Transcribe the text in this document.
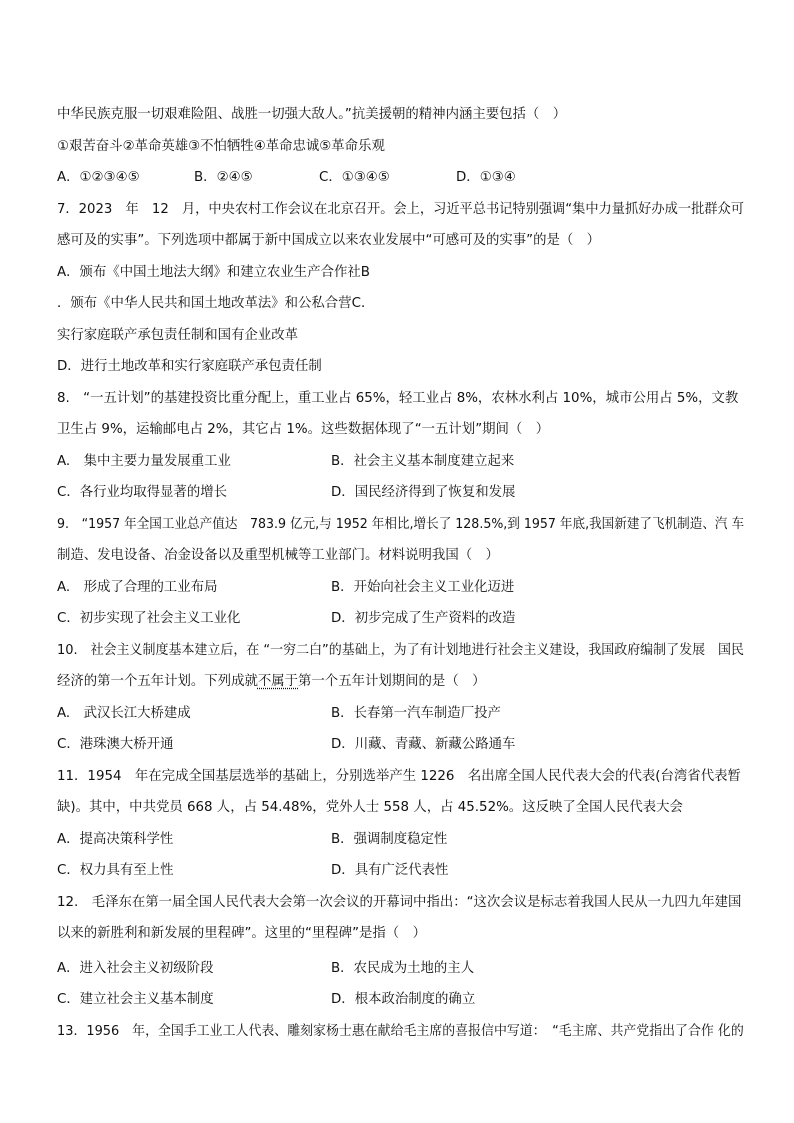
中华民族克服一切艰难险阻、战胜一切强大敌人。”抗美援朝的精神内涵主要包括（　）
①艰苦奋斗②革命英雄③不怕牺牲④革命忠诚⑤革命乐观
A．①②③④⑤	B．②④⑤	C．①③④⑤	D．①③④
7．2023　年　12　月，中央农村工作会议在北京召开。会上，习近平总书记特别强调“集中力量抓好办成一批群众可
感可及的实事”。下列选项中都属于新中国成立以来农业发展中“可感可及的实事”的是（　）
A．颁布《中国土地法大纲》和建立农业生产合作社B
．颁布《中华人民共和国土地改革法》和公私合营C．
实行家庭联产承包责任制和国有企业改革
D．进行土地改革和实行家庭联产承包责任制
8.　“一五计划”的基建投资比重分配上，重工业占 65%，轻工业占 8%，农林水利占 10%，城市公用占 5%，文教
卫生占 9%，运输邮电占 2%，其它占 1%。这些数据体现了“一五计划”期间（　）
A.　集中主要力量发展重工业	B．社会主义基本制度建立起来
C．各行业均取得显著的增长	D．国民经济得到了恢复和发展
9.　“1957 年全国工业总产值达　783.9 亿元,与 1952 年相比,增长了 128.5%,到 1957 年底,我国新建了飞机制造、汽 车
制造、发电设备、冶金设备以及重型机械等工业部门。材料说明我国（　）
A.　形成了合理的工业布局	B．开始向社会主义工业化迈进
C．初步实现了社会主义工业化	D．初步完成了生产资料的改造
10.　社会主义制度基本建立后，在 “一穷二白”的基础上，为了有计划地进行社会主义建设，我国政府编制了发展　国民
经济的第一个五年计划。下列成就不属于第一个五年计划期间的是（　）
A.　武汉长江大桥建成	B．长春第一汽车制造厂投产
C．港珠澳大桥开通	D．川藏、青藏、新藏公路通车
11．1954　年在完成全国基层选举的基础上，分别选举产生 1226　名出席全国人民代表大会的代表(台湾省代表暂
缺)。其中，中共党员 668 人，占 54.48%，党外人士 558 人，占 45.52%。这反映了全国人民代表大会
A．提高决策科学性	B．强调制度稳定性
C．权力具有至上性	D．具有广泛代表性
12.　毛泽东在第一届全国人民代表大会第一次会议的开幕词中指出：“这次会议是标志着我国人民从一九四九年建国
以来的新胜利和新发展的里程碑”。这里的“里程碑”是指（　）
A．进入社会主义初级阶段	B．农民成为土地的主人
C．建立社会主义基本制度	D．根本政治制度的确立
13．1956　年，全国手工业工人代表、雕刻家杨士惠在献给毛主席的喜报信中写道：　“毛主席、共产党指出了合作 化的
